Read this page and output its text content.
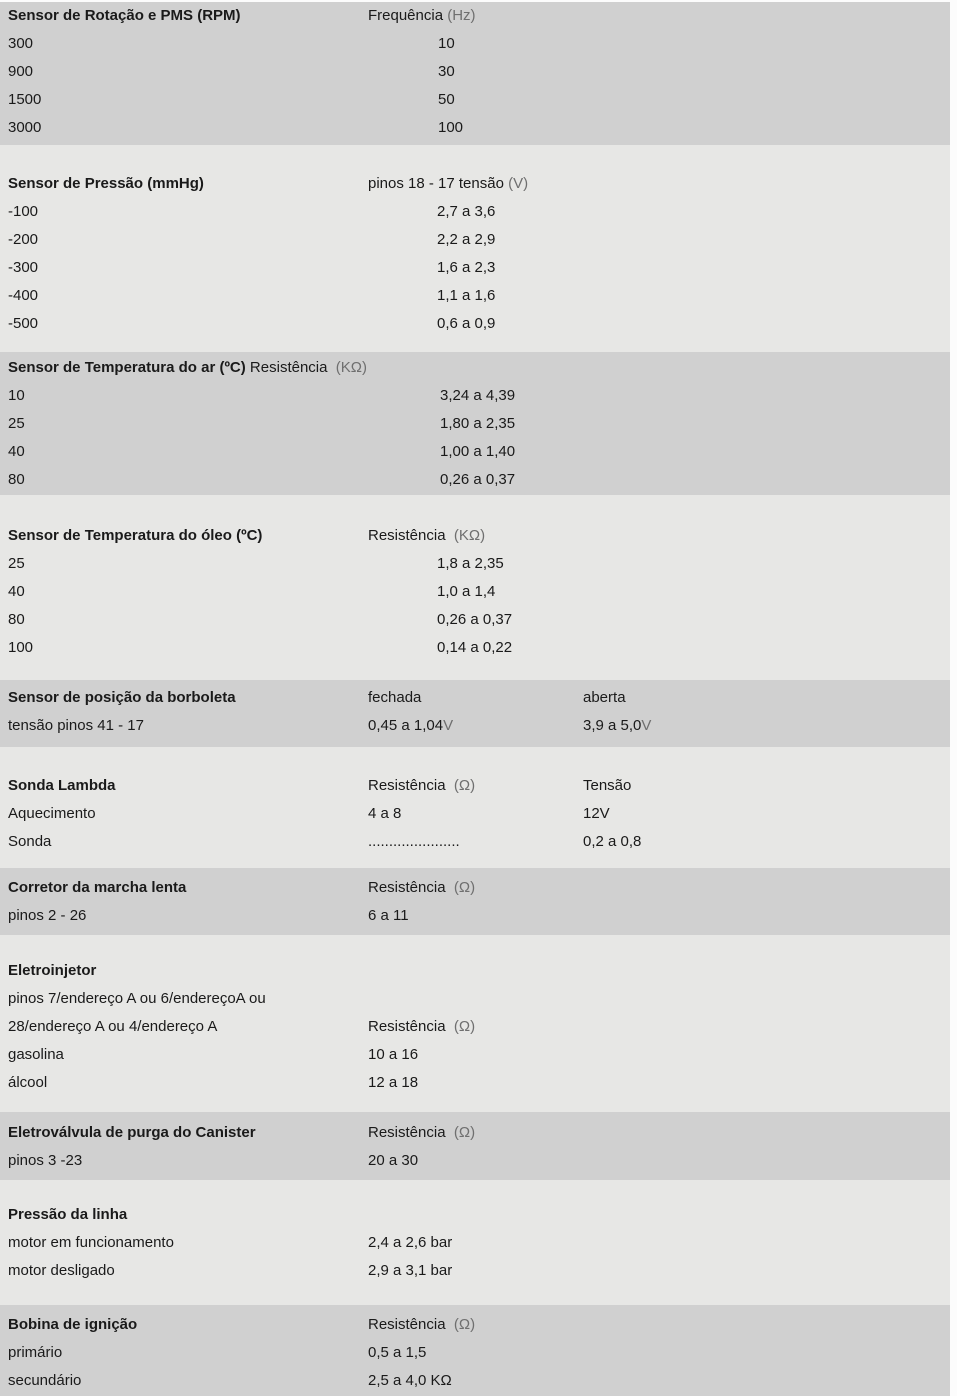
Sensor de Rotação e PMS (RPM)	Frequência (Hz)
300	10
900	30
1500	50
3000	100
Sensor de Pressão (mmHg)	pinos 18 - 17 tensão (V)
-100	2,7 a 3,6
-200	2,2 a 2,9
-300	1,6 a 2,3
-400	1,1 a 1,6
-500	0,6 a 0,9
Sensor de Temperatura do ar (ºC) Resistência  (KΩ)
10	3,24 a 4,39
25	1,80 a 2,35
40	1,00 a 1,40
80	0,26 a 0,37
Sensor de Temperatura do óleo (ºC)	Resistência  (KΩ)
25	1,8 a 2,35
40	1,0 a 1,4
80	0,26 a 0,37
100	0,14 a 0,22
Sensor de posição da borboleta	fechada	aberta
tensão pinos 41 - 17	0,45 a 1,04V	3,9 a 5,0V
Sonda Lambda	Resistência  (Ω)	Tensão
Aquecimento	4 a 8	12V
Sonda	......................	0,2 a 0,8
Corretor da marcha lenta	Resistência  (Ω)
pinos 2 - 26	6 a 11
Eletroinjetor
pinos 7/endereço A ou 6/endereçoA ou
28/endereço A ou 4/endereço A	Resistência  (Ω)
gasolina	10 a 16
álcool	12 a 18
Eletroválvula de purga do Canister	Resistência  (Ω)
pinos 3 -23	20 a 30
Pressão da linha
motor em funcionamento	2,4 a 2,6 bar
motor desligado	2,9 a 3,1 bar
Bobina de ignição	Resistência  (Ω)
primário	0,5 a 1,5
secundário	2,5 a 4,0 KΩ
